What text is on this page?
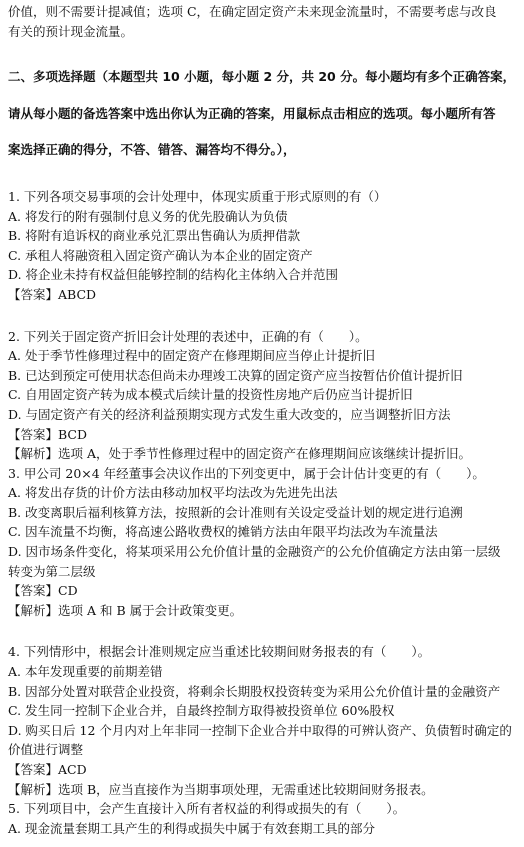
价值，则不需要计提减值；选项 C，在确定固定资产未来现金流量时，不需要考虑与改良

有关的预计现金流量。

二、多项选择题（本题型共 10 小题，每小题 2 分，共 20 分。每小题均有多个正确答案，

请从每小题的备选答案中选出你认为正确的答案，用鼠标点击相应的选项。每小题所有答

案选择正确的得分，不答、错答、漏答均不得分。），

1. 下列各项交易事项的会计处理中，体现实质重于形式原则的有（）

A. 将发行的附有强制付息义务的优先股确认为负债

B. 将附有追诉权的商业承兑汇票出售确认为质押借款

C. 承租人将融资租入固定资产确认为本企业的固定资产

D. 将企业未持有权益但能够控制的结构化主体纳入合并范围

【答案】ABCD

2. 下列关于固定资产折旧会计处理的表述中，正确的有（　　）。

A. 处于季节性修理过程中的固定资产在修理期间应当停止计提折旧

B. 已达到预定可使用状态但尚未办理竣工决算的固定资产应当按暂估价值计提折旧

C. 自用固定资产转为成本模式后续计量的投资性房地产后仍应当计提折旧

D. 与固定资产有关的经济利益预期实现方式发生重大改变的，应当调整折旧方法

【答案】BCD

【解析】选项 A，处于季节性修理过程中的固定资产在修理期间应该继续计提折旧。

3. 甲公司 20×4 年经董事会决议作出的下列变更中，属于会计估计变更的有（　　）。

A. 将发出存货的计价方法由移动加权平均法改为先进先出法

B. 改变离职后福利核算方法，按照新的会计准则有关设定受益计划的规定进行追溯

C. 因车流量不均衡，将高速公路收费权的摊销方法由年限平均法改为车流量法

D. 因市场条件变化，将某项采用公允价值计量的金融资产的公允价值确定方法由第一层级

转变为第二层级

【答案】CD

【解析】选项 A 和 B 属于会计政策变更。

4. 下列情形中，根据会计准则规定应当重述比较期间财务报表的有（　　）。

A. 本年发现重要的前期差错

B. 因部分处置对联营企业投资，将剩余长期股权投资转变为采用公允价值计量的金融资产

C. 发生同一控制下企业合并，自最终控制方取得被投资单位 60%股权

D. 购买日后 12 个月内对上年非同一控制下企业合并中取得的可辨认资产、负债暂时确定的

价值进行调整

【答案】ACD

【解析】选项 B，应当直接作为当期事项处理，无需重述比较期间财务报表。

5. 下列项目中，会产生直接计入所有者权益的利得或损失的有（　　）。

A. 现金流量套期工具产生的利得或损失中属于有效套期工具的部分
